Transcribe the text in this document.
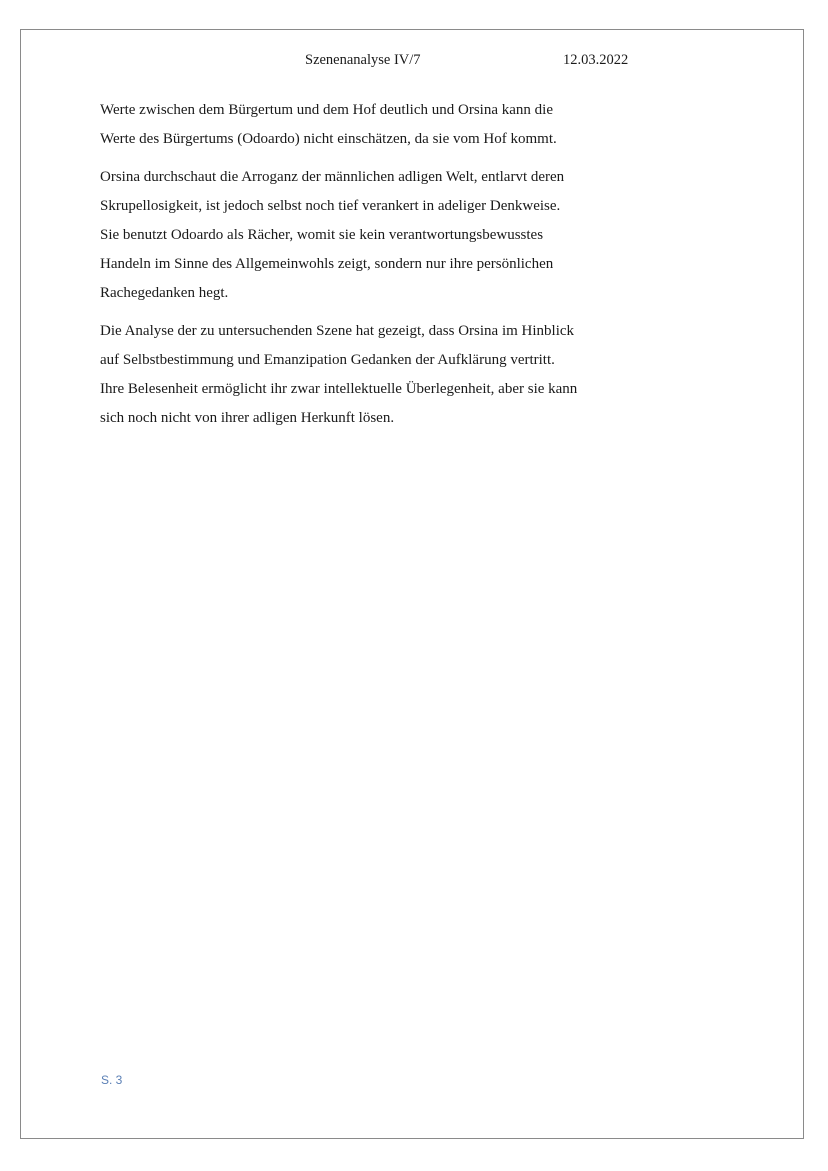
Szenenanalyse IV/7	12.03.2022

Werte zwischen dem Bürgertum und dem Hof deutlich und Orsina kann die
Werte des Bürgertums (Odoardo) nicht einschätzen, da sie vom Hof kommt.

Orsina durchschaut die Arroganz der männlichen adligen Welt, entlarvt deren
Skrupellosigkeit, ist jedoch selbst noch tief verankert in adeliger Denkweise.
Sie benutzt Odoardo als Rächer, womit sie kein verantwortungsbewusstes
Handeln im Sinne des Allgemeinwohls zeigt, sondern nur ihre persönlichen
Rachegedanken hegt.

Die Analyse der zu untersuchenden Szene hat gezeigt, dass Orsina im Hinblick
auf Selbstbestimmung und Emanzipation Gedanken der Aufklärung vertritt.
Ihre Belesenheit ermöglicht ihr zwar intellektuelle Überlegenheit, aber sie kann
sich noch nicht von ihrer adligen Herkunft lösen.

S. 3
